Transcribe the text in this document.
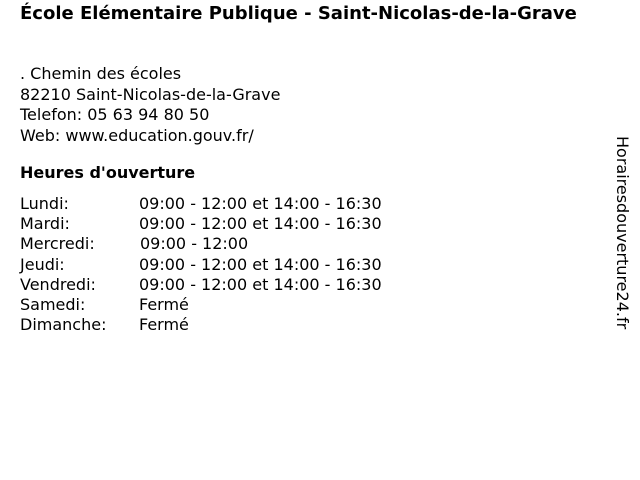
École Elémentaire Publique - Saint-Nicolas-de-la-Grave
. Chemin des écoles
82210 Saint-Nicolas-de-la-Grave
Telefon: 05 63 94 80 50
Web: www.education.gouv.fr/
Heures d'ouverture
Lundi:	09:00 - 12:00 et 14:00 - 16:30
Mardi:	09:00 - 12:00 et 14:00 - 16:30
Mercredi:	09:00 - 12:00
Jeudi:	09:00 - 12:00 et 14:00 - 16:30
Vendredi:	09:00 - 12:00 et 14:00 - 16:30
Samedi:	Fermé
Dimanche: Fermé	Horairesdouverture24.fr
